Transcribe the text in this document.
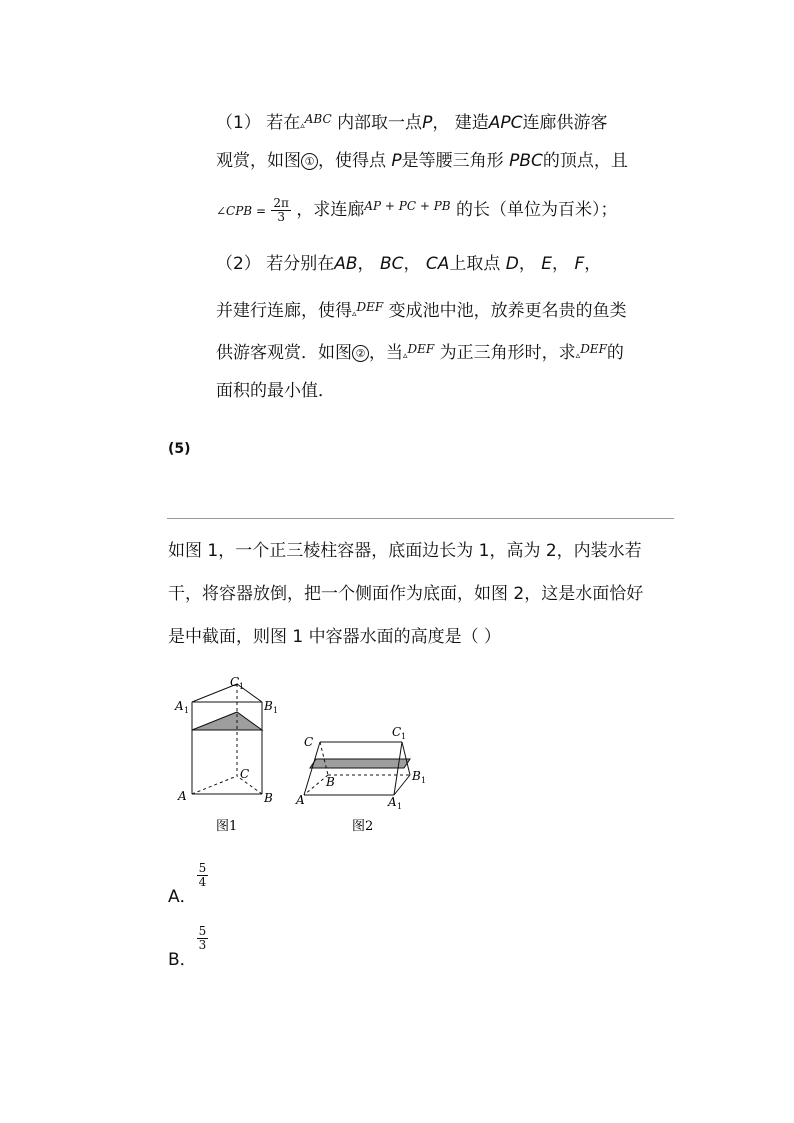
（1） 若在▵$^{ABC}$ 内部取一点P， 建造APC连廊供游客
观赏，如图 ① ，使得点 P是等腰三角形 PBC的顶点，且
∠CPB = $\frac{2\pi}{3}$ ，求连廊$^{AP + PC + PB}$ 的长（单位为百米）；
（2） 若分别在AB， BC， CA上取点 D， E， F，
并建行连廊，使得▵$^{DEF}$ 变成池中池，放养更名贵的鱼类
供游客观赏．如图 ② ，当▵$^{DEF}$ 为正三角形时，求▵$^{DEF}$的
面积的最小值．
(5)
如图 1，一个正三棱柱容器，底面边长为 1，高为 2，内装水若
干，将容器放倒，把一个侧面作为底面，如图 2，这是水面恰好
是中截面，则图 1 中容器水面的高度是（ ）
C 1
A 1	B 1
C
A	B
图1
C
C 1
B	B 1
A	A 1
图2
A．
$\frac{5}{4}$
B．
$\frac{5}{3}$
